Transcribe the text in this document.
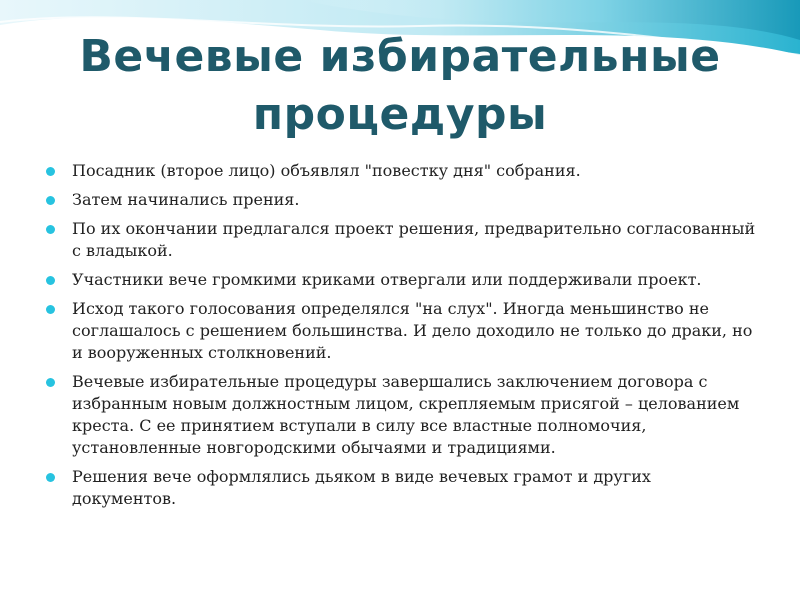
Вечевые избирательные
процедуры
Посадник (второе лицо) объявлял "повестку дня" собрания.
Затем начинались прения.
По их окончании предлагался проект решения, предварительно согласованный с владыкой.
Участники вече громкими криками отвергали или поддерживали проект.
Исход такого голосования определялся "на слух". Иногда меньшинство не соглашалось с решением большинства. И дело доходило не только до драки, но и вооруженных столкновений.
Вечевые избирательные процедуры завершались заключением договора с избранным новым должностным лицом, скрепляемым присягой – целованием креста. С ее принятием вступали в силу все властные полномочия, установленные новгородскими обычаями и традициями.
Решения вече оформлялись дьяком в виде вечевых грамот и других документов.
